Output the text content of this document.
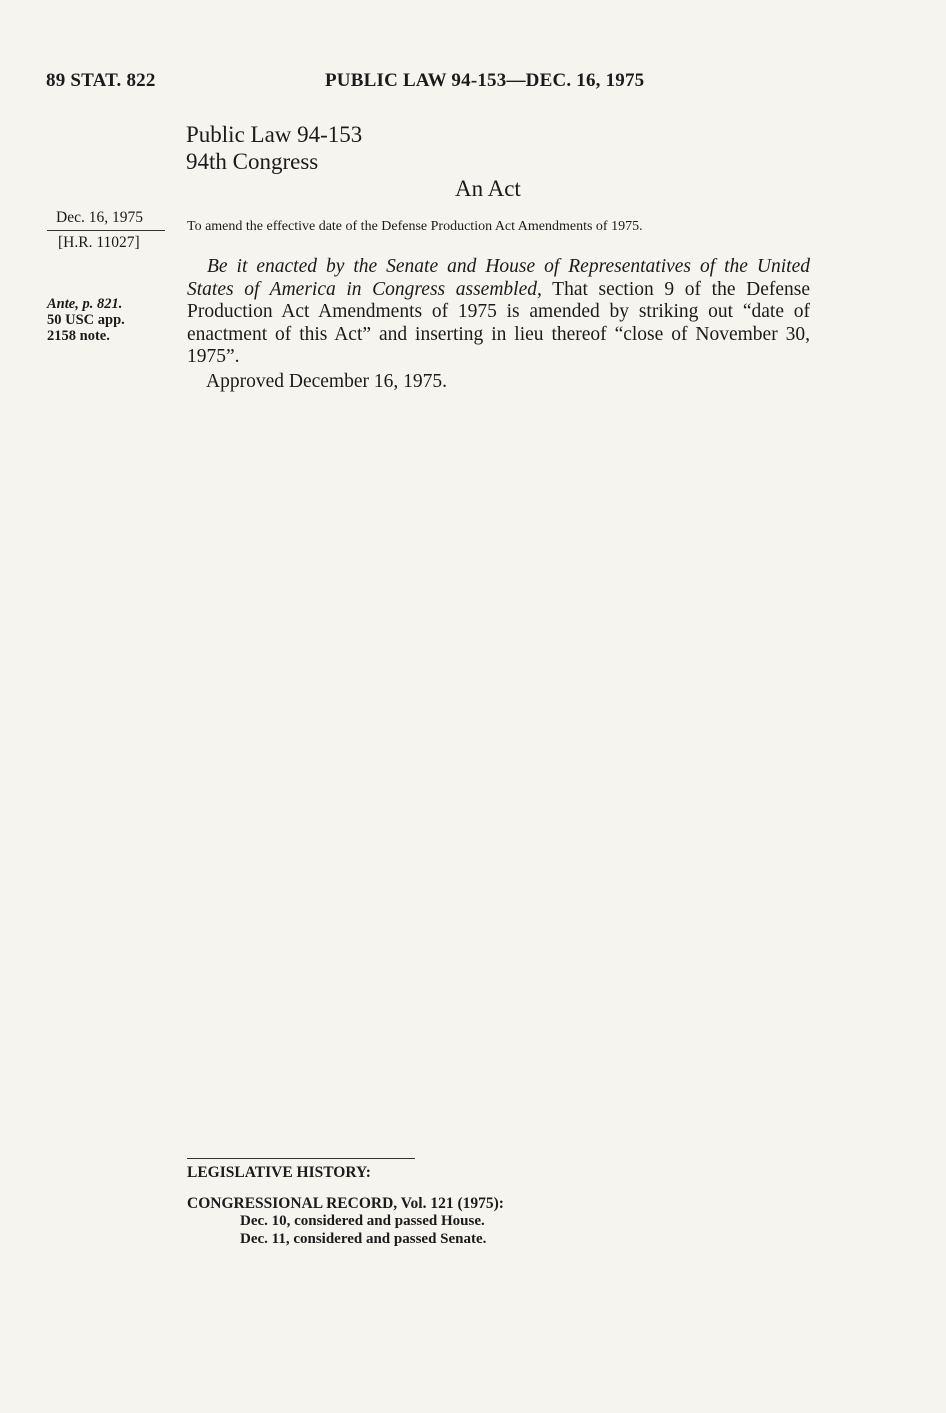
89 STAT. 822	PUBLIC LAW 94-153—DEC. 16, 1975
Public Law 94-153
94th Congress
An Act
Dec. 16, 1975
[H.R. 11027]
To amend the effective date of the Defense Production Act Amendments of 1975.
Be it enacted by the Senate and House of Representatives of the United States of America in Congress assembled, That section 9 of the Defense Production Act Amendments of 1975 is amended by striking out “date of enactment of this Act” and inserting in lieu thereof “close of November 30, 1975”.
Ante, p. 821.
50 USC app.
2158 note.
Approved December 16, 1975.
LEGISLATIVE HISTORY:
CONGRESSIONAL RECORD, Vol. 121 (1975):
Dec. 10, considered and passed House.
Dec. 11, considered and passed Senate.
